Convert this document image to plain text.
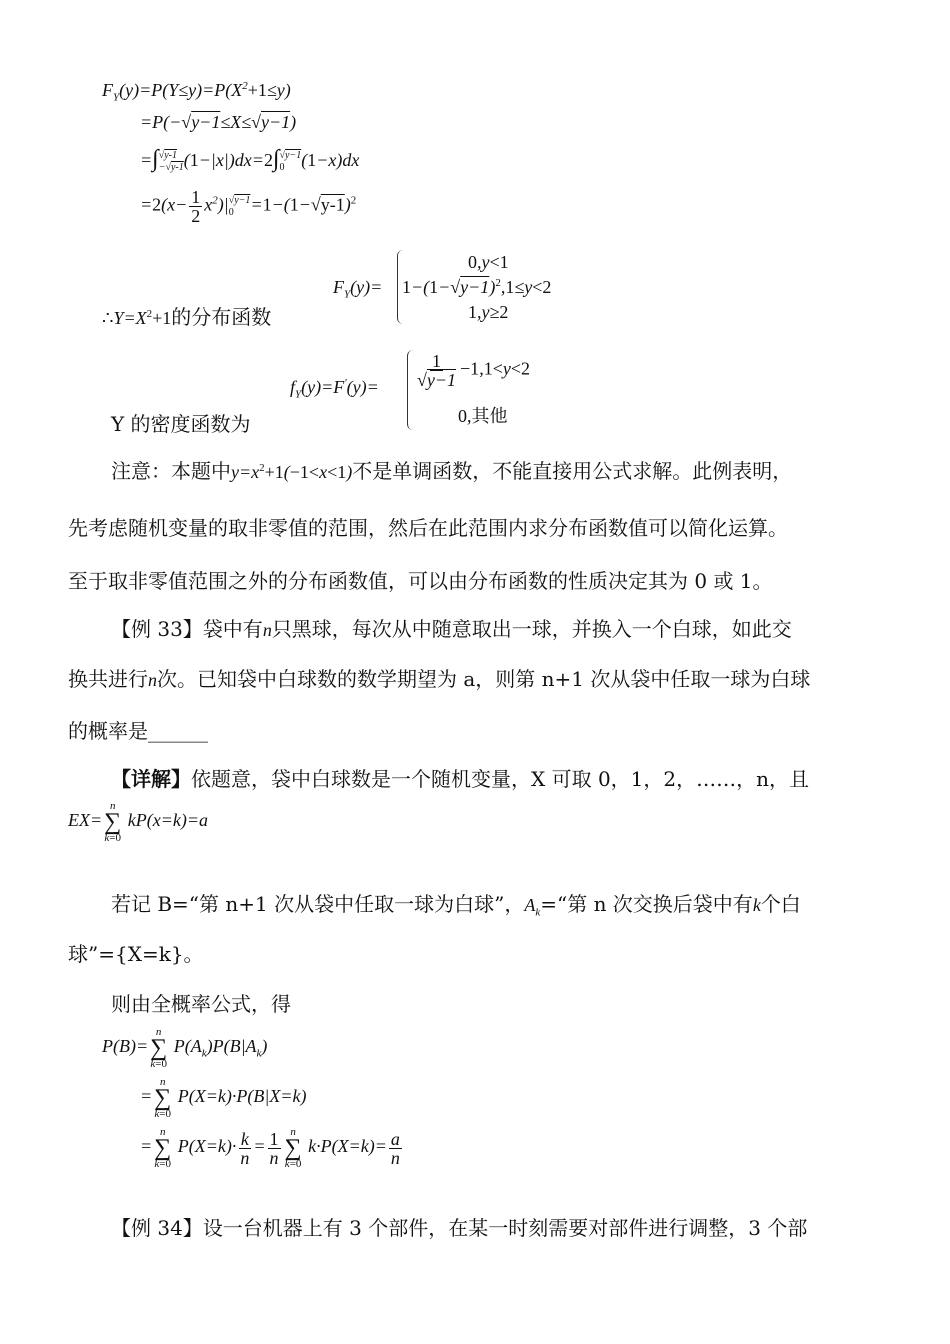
$F_Y(y)=P(Y\le y)=P(X^2+1\le y)$
=P(−√y−1≤X≤√y−1)
=∫ √y-1
−√y-1 (1−|x|)dx=2∫ √y−1
0 (1−x)dx
$=2(x- \frac{1}{2} x^2)|$ √y−1
$0 =1-(1-√y-1)^2$
$\therefore Y=X^2+1$的分布函数
$F_Y(y)=$
0,y<1
$1-(1-√y-1)^2,1\le y<2$
1,y≥2
Y 的密度函数为
$f_Y(y)=F'(y)= \frac{1}{√y-1} -1,1<y<2$
0,其他
注意：本题中$y=x^2+1(-1<x<1)$不是单调函数，不能直接用公式求解。此例表明，
先考虑随机变量的取非零值的范围，然后在此范围内求分布函数值可以简化运算。
至于取非零值范围之外的分布函数值，可以由分布函数的性质决定其为 0 或 1。
【例 33】袋中有n只黑球，每次从中随意取出一球，并换入一个白球，如此交
换共进行n次。已知袋中白球数的数学期望为 a，则第 n+1 次从袋中任取一球为白球
的概率是______
【详解】依题意，袋中白球数是一个随机变量，X 可取 0，1，2，……，n，且
EX=
n
∑
k=0
kP(x=k)=a
若记 B=“第 n+1 次从袋中任取一球为白球”，$A_k=“$第 n 次交换后袋中有k个白
球”={X=k}。
则由全概率公式，得
P(B)=
n
∑
k=0
$P(A_k)P(B|A_k)$
=
n
∑
k=0
P(X=k)·P(B|X=k)
=
n
∑
k=0
$P(X=k)\cdot \frac{k}{n} = \frac{1}{n}$ n
∑
k=0
$k\cdot P(X=k)= \frac{a}{n}$
【例 34】设一台机器上有 3 个部件，在某一时刻需要对部件进行调整，3 个部
